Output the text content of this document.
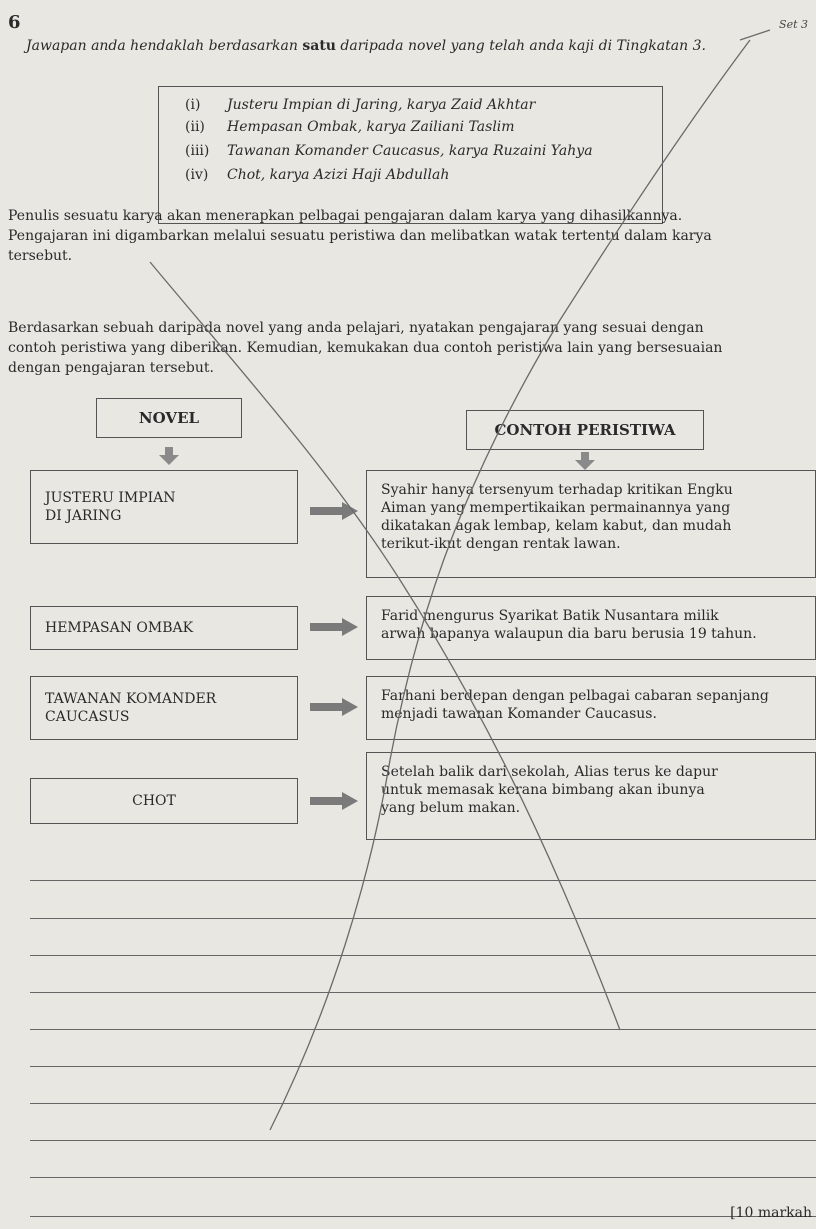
Set 3
6
Jawapan anda hendaklah berdasarkan satu daripada novel yang telah anda kaji di Tingkatan 3.
(i) Justeru Impian di Jaring, karya Zaid Akhtar
(ii) Hempasan Ombak, karya Zailiani Taslim
(iii) Tawanan Komander Caucasus, karya Ruzaini Yahya
(iv) Chot, karya Azizi Haji Abdullah
Penulis sesuatu karya akan menerapkan pelbagai pengajaran dalam karya yang dihasilkannya.
Pengajaran ini digambarkan melalui sesuatu peristiwa dan melibatkan watak tertentu dalam karya
tersebut.
Berdasarkan sebuah daripada novel yang anda pelajari, nyatakan pengajaran yang sesuai dengan
contoh peristiwa yang diberikan. Kemudian, kemukakan dua contoh peristiwa lain yang bersesuaian
dengan pengajaran tersebut.
NOVEL
CONTOH PERISTIWA
JUSTERU IMPIAN
DI JARING
Syahir hanya tersenyum terhadap kritikan Engku
Aiman yang mempertikaikan permainannya yang
dikatakan agak lembap, kelam kabut, dan mudah
terikut-ikut dengan rentak lawan.
HEMPASAN OMBAK
Farid mengurus Syarikat Batik Nusantara milik
arwah bapanya walaupun dia baru berusia 19 tahun.
TAWANAN KOMANDER
CAUCASUS
Farhani berdepan dengan pelbagai cabaran sepanjang
menjadi tawanan Komander Caucasus.
CHOT
Setelah balik dari sekolah, Alias terus ke dapur
untuk memasak kerana bimbang akan ibunya
yang belum makan.
[10 markah
